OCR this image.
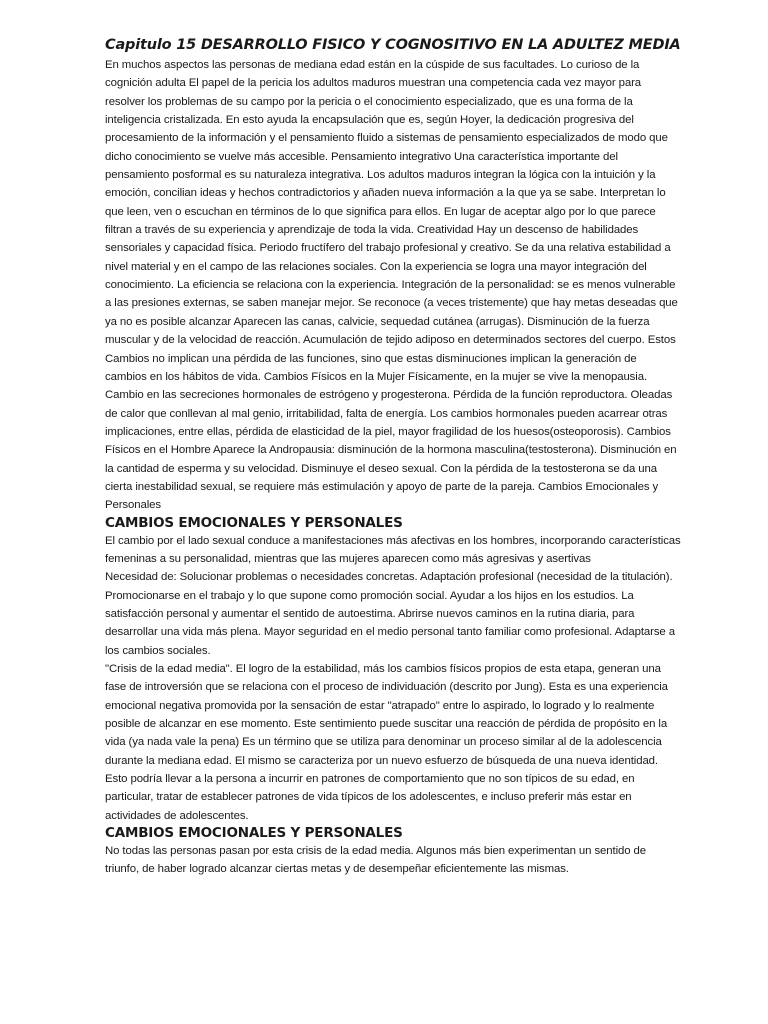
Capitulo 15 DESARROLLO FISICO Y COGNOSITIVO EN LA ADULTEZ MEDIA

En muchos aspectos las personas de mediana edad están en la cúspide de sus facultades. Lo curioso de la cognición adulta El papel de la pericia los adultos maduros muestran una competencia cada vez mayor para resolver los problemas de su campo por la pericia o el conocimiento especializado, que es una forma de la inteligencia cristalizada. En esto ayuda la encapsulación que es, según Hoyer, la dedicación progresiva del procesamiento de la información y el pensamiento fluido a sistemas de pensamiento especializados de modo que dicho conocimiento se vuelve más accesible. Pensamiento integrativo Una característica importante del pensamiento posformal es su naturaleza integrativa. Los adultos maduros integran la lógica con la intuición y la emoción, concilian ideas y hechos contradictorios y añaden nueva información a la que ya se sabe. Interpretan lo que leen, ven o escuchan en términos de lo que significa para ellos. En lugar de aceptar algo por lo que parece filtran a través de su experiencia y aprendizaje de toda la vida. Creatividad Hay un descenso de habilidades sensoriales y capacidad física. Periodo fructífero del trabajo profesional y creativo. Se da una relativa estabilidad a nivel material y en el campo de las relaciones sociales. Con la experiencia se logra una mayor integración del conocimiento. La eficiencia se relaciona con la experiencia. Integración de la personalidad: se es menos vulnerable a las presiones externas, se saben manejar mejor. Se reconoce (a veces tristemente) que hay metas deseadas que ya no es posible alcanzar Aparecen las canas, calvicie, sequedad cutánea (arrugas). Disminución de la fuerza muscular y de la velocidad de reacción. Acumulación de tejido adiposo en determinados sectores del cuerpo. Estos Cambios no implican una pérdida de las funciones, sino que estas disminuciones implican la generación de cambios en los hábitos de vida. Cambios Físicos en la Mujer Físicamente, en la mujer se vive la menopausia. Cambio en las secreciones hormonales de estrógeno y progesterona. Pérdida de la función reproductora. Oleadas de calor que conllevan al mal genio, irritabilidad, falta de energía. Los cambios hormonales pueden acarrear otras implicaciones, entre ellas, pérdida de elasticidad de la piel, mayor fragilidad de los huesos(osteoporosis). Cambios Físicos en el Hombre Aparece la Andropausia: disminución de la hormona masculina(testosterona). Disminución en la cantidad de esperma y su velocidad. Disminuye el deseo sexual. Con la pérdida de la testosterona se da una cierta inestabilidad sexual, se requiere más estimulación y apoyo de parte de la pareja. Cambios Emocionales y Personales

CAMBIOS EMOCIONALES Y PERSONALES

El cambio por el lado sexual conduce a manifestaciones más afectivas en los hombres, incorporando características femeninas a su personalidad, mientras que las mujeres aparecen como más agresivas y asertivas

Necesidad de: Solucionar problemas o necesidades concretas. Adaptación profesional (necesidad de la titulación). Promocionarse en el trabajo y lo que supone como promoción social. Ayudar a los hijos en los estudios. La satisfacción personal y aumentar el sentido de autoestima. Abrirse nuevos caminos en la rutina diaria, para desarrollar una vida más plena. Mayor seguridad en el medio personal tanto familiar como profesional. Adaptarse a los cambios sociales.

"Crisis de la edad media". El logro de la estabilidad, más los cambios físicos propios de esta etapa, generan una fase de introversión que se relaciona con el proceso de individuación (descrito por Jung). Esta es una experiencia emocional negativa promovida por la sensación de estar "atrapado" entre lo aspirado, lo logrado y lo realmente posible de alcanzar en ese momento. Este sentimiento puede suscitar una reacción de pérdida de propósito en la vida (ya nada vale la pena) Es un término que se utiliza para denominar un proceso similar al de la adolescencia durante la mediana edad. El mismo se caracteriza por un nuevo esfuerzo de búsqueda de una nueva identidad. Esto podría llevar a la persona a incurrir en patrones de comportamiento que no son típicos de su edad, en particular, tratar de establecer patrones de vida típicos de los adolescentes, e incluso preferir más estar en actividades de adolescentes.

CAMBIOS EMOCIONALES Y PERSONALES

No todas las personas pasan por esta crisis de la edad media. Algunos más bien experimentan un sentido de triunfo, de haber logrado alcanzar ciertas metas y de desempeñar eficientemente las mismas.
